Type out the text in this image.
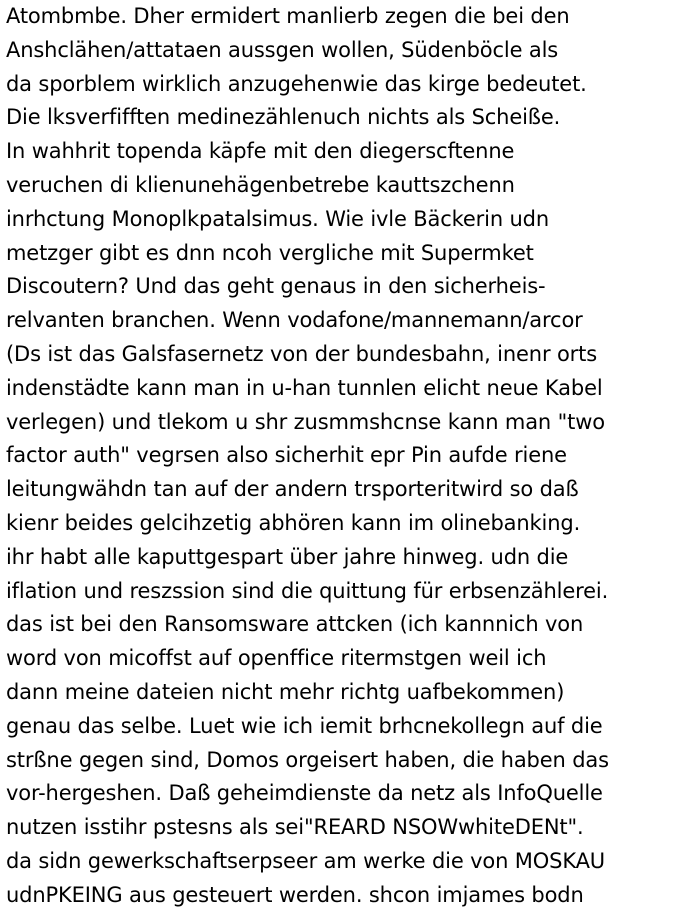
Atombmbe. Dher ermidert manlierb zegen die bei den
Anshclähen/attataen aussgen wollen, Südenböcle als
da sporblem wirklich anzugehenwie das kirge bedeutet.
Die lksverfifften medinezählenuch nichts als Scheiße.
In wahhrit topenda käpfe mit den diegerscftenne
veruchen di klienunehägenbetrebe kauttszchenn
inrhctung Monoplkpatalsimus. Wie ivle Bäckerin udn
metzger gibt es dnn ncoh vergliche mit Supermket
Discoutern? Und das geht genaus in den sicherheis-
relvanten branchen. Wenn vodafone/mannemann/arcor
(Ds ist das Galsfasernetz von der bundesbahn, inenr orts
indenstädte kann man in u-han tunnlen elicht neue Kabel
verlegen) und tlekom u shr zusmmshcnse kann man "two
factor auth" vegrsen also sicherhit epr Pin aufde riene
leitungwähdn tan auf der andern trsporteritwird so daß
kienr beides gelcihzetig abhören kann im olinebanking.
ihr habt alle kaputtgespart über jahre hinweg. udn die
iflation und reszssion sind die quittung für erbsenzählerei.
das ist bei den Ransomsware attcken (ich kannnich von
word von micoffst auf openffice ritermstgen weil ich
dann meine dateien nicht mehr richtg uafbekommen)
genau das selbe. Luet wie ich iemit brhcnekollegn auf die
strßne gegen sind, Domos orgeisert haben, die haben das
vor-hergeshen. Daß geheimdienste da netz als InfoQuelle
nutzen isstihr pstesns als sei"REARD NSOWwhiteDENt".
da sidn gewerkschaftserpseer am werke die von MOSKAU
udnPKEING aus gesteuert werden. shcon imjames bodn
